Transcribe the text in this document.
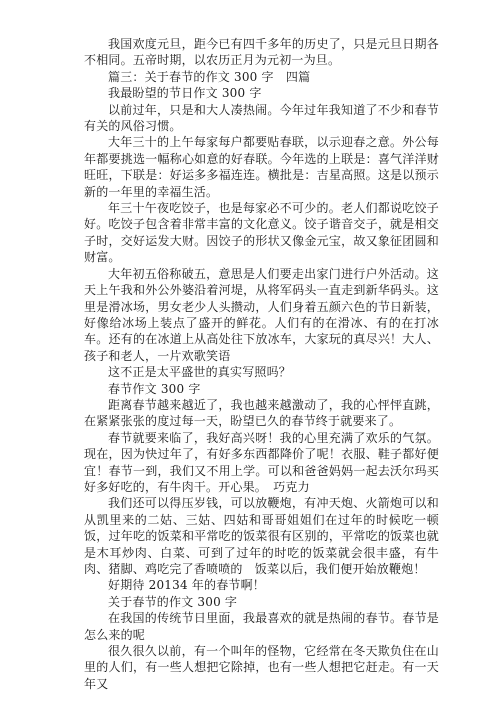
我国欢度元旦，距今已有四千多年的历史了，只是元旦日期各不相同。五帝时期，以农历正月为元初一为旦。

篇三：关于春节的作文 300 字　四篇

我最盼望的节日作文 300 字

以前过年，只是和大人凑热闹。今年过年我知道了不少和春节有关的风俗习惯。

大年三十的上午每家每户都要贴春联，以示迎春之意。外公每年都要挑选一幅称心如意的好春联。今年选的上联是：喜气洋洋财旺旺，下联是：好运多多福连连。横批是：吉星高照。这是以预示新的一年里的幸福生活。

年三十午夜吃饺子，也是每家必不可少的。老人们都说吃饺子好。吃饺子包含着非常丰富的文化意义。饺子谐音交子，就是相交子时，交好运发大财。因饺子的形状又像金元宝，故又象征团圆和财富。

大年初五俗称破五，意思是人们要走出家门进行户外活动。这天上午我和外公外婆沿着河堤，从将军码头一直走到新华码头。这里是滑冰场，男女老少人头攒动，人们身着五颜六色的节日新装，好像给冰场上装点了盛开的鲜花。人们有的在滑冰、有的在打冰车。还有的在冰道上从高处往下放冰车，大家玩的真尽兴！大人、孩子和老人，一片欢歌笑语

这不正是太平盛世的真实写照吗？

春节作文 300 字

距离春节越来越近了，我也越来越激动了，我的心怦怦直跳，在紧紧张张的度过每一天，盼望已久的春节终于就要来了。

春节就要来临了，我好高兴呀！我的心里充满了欢乐的气氛。现在，因为快过年了，有好多东西都降价了呢！衣服、鞋子都好便宜！春节一到，我们又不用上学。可以和爸爸妈妈一起去沃尔玛买好多好吃的，有牛肉干。开心果。　巧克力

我们还可以得压岁钱，可以放鞭炮，有冲天炮、火箭炮可以和从凯里来的二姑、三姑、四姑和哥哥姐姐们在过年的时候吃一顿饭，过年吃的饭菜和平常吃的饭菜很有区别的，平常吃的饭菜也就是木耳炒肉、白菜、可到了过年的时吃的饭菜就会很丰盛，有牛肉、猪脚、鸡吃完了香喷喷的　饭菜以后，我们便开始放鞭炮！

好期待 20134 年的春节啊！

关于春节的作文 300 字

在我国的传统节日里面，我最喜欢的就是热闹的春节。春节是怎么来的呢

很久很久以前，有一个叫年的怪物，它经常在冬天欺负住在山里的人们，有一些人想把它除掉，也有一些人想把它赶走。有一天年又
